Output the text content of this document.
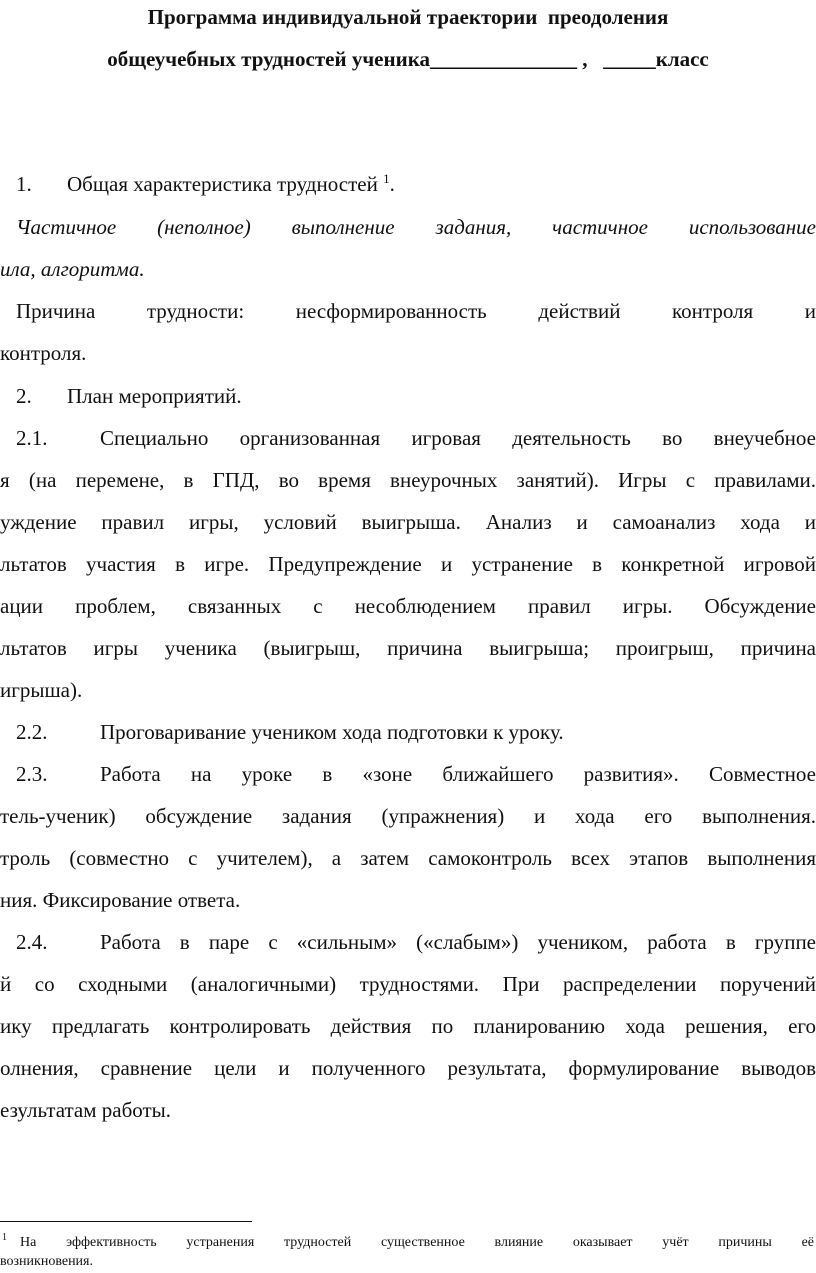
Программа индивидуальной траектории  преодоления
общеучебных трудностей ученика______________ ,   _____класс
1. Общая характеристика трудностей $^1$.
Частичное (неполное) выполнение задания, частичное использование
ила, алгоритма.
Причина трудности: несформированность действий контроля и
контроля.
2. План мероприятий.
2.1.	Специально организованная игровая деятельность во внеучебное
я (на перемене, в ГПД, во время внеурочных занятий). Игры с правилами.
уждение правил игры, условий выигрыша. Анализ и самоанализ хода и
льтатов участия в игре. Предупреждение и устранение в конкретной игровой
ации проблем, связанных с несоблюдением правил игры. Обсуждение
льтатов игры ученика (выигрыш, причина выигрыша; проигрыш, причина
игрыша).
2.2.	Проговаривание учеником хода подготовки к уроку.
2.3.	Работа на уроке в «зоне ближайшего развития». Совместное
тель-ученик) обсуждение задания (упражнения) и хода его выполнения.
троль (совместно с учителем), а затем самоконтроль всех этапов выполнения
ния. Фиксирование ответа.
2.4.	Работа в паре с «сильным» («слабым») учеником, работа в группе
й со сходными (аналогичными) трудностями. При распределении поручений
ику предлагать контролировать действия по планированию хода решения, его
олнения, сравнение цели и полученного результата, формулирование выводов
езультатам работы.
1 На эффективность устранения трудностей существенное влияние оказывает учёт причины её
возникновения.
